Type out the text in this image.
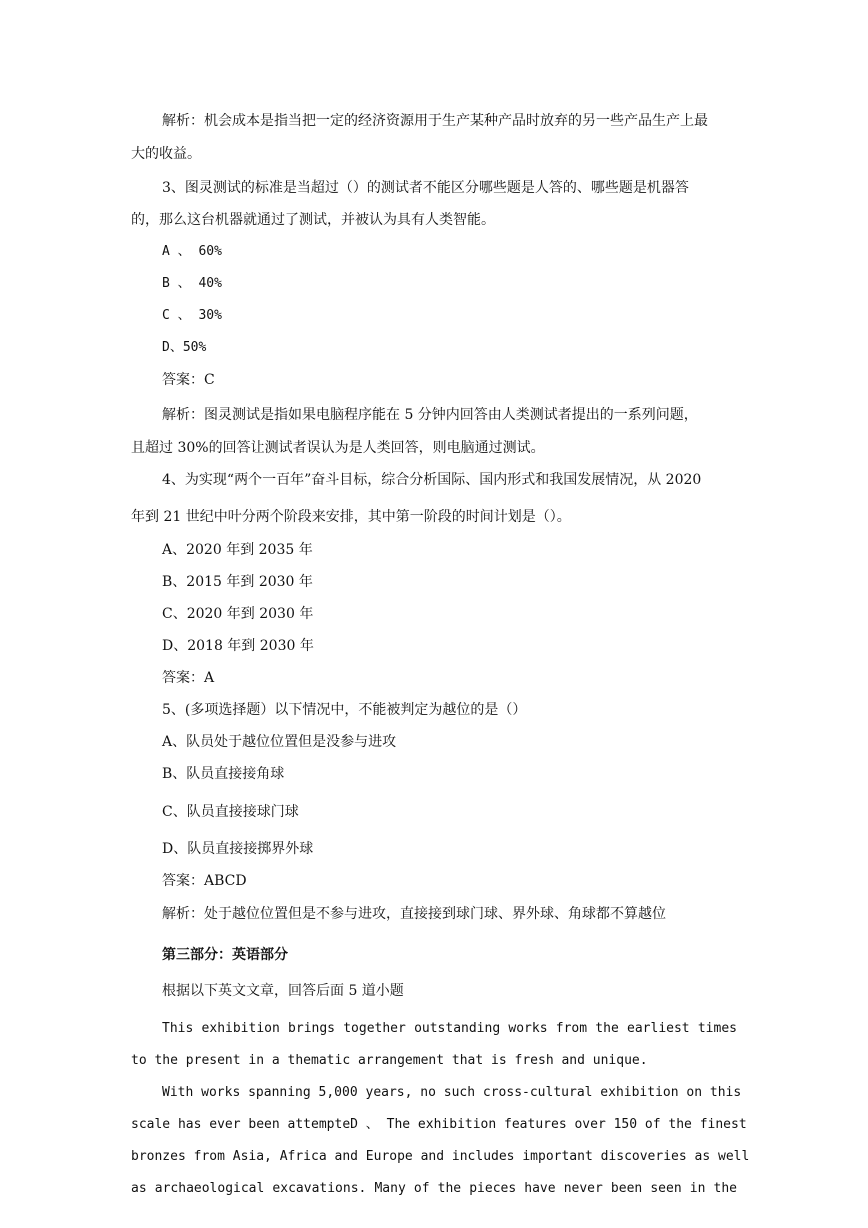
解析：机会成本是指当把一定的经济资源用于生产某种产品时放弃的另一些产品生产上最
大的收益。
3、图灵测试的标准是当超过（）的测试者不能区分哪些题是人答的、哪些题是机器答
的，那么这台机器就通过了测试，并被认为具有人类智能。
A 、 60%
B 、 40%
C 、 30%
D、50%
答案：C
解析：图灵测试是指如果电脑程序能在 5 分钟内回答由人类测试者提出的一系列问题，
且超过 30%的回答让测试者误认为是人类回答，则电脑通过测试。
4、为实现“两个一百年”奋斗目标，综合分析国际、国内形式和我国发展情况，从 2020
年到 21 世纪中叶分两个阶段来安排，其中第一阶段的时间计划是（）。
A、2020 年到 2035 年
B、2015 年到 2030 年
C、2020 年到 2030 年
D、2018 年到 2030 年
答案：A
5、(多项选择题）以下情况中，不能被判定为越位的是（）
A、队员处于越位位置但是没参与进攻
B、队员直接接角球
C、队员直接接球门球
D、队员直接接掷界外球
答案：ABCD
解析：处于越位位置但是不参与进攻，直接接到球门球、界外球、角球都不算越位
第三部分：英语部分
根据以下英文文章，回答后面 5 道小题
This exhibition brings together outstanding works from the earliest times
to the present in a thematic arrangement that is fresh and unique.
With works spanning 5,000 years, no such cross-cultural exhibition on this
scale has ever been attempteD 、 The exhibition features over 150 of the finest
bronzes from Asia, Africa and Europe and includes important discoveries as well
as archaeological excavations. Many of the pieces have never been seen in the
